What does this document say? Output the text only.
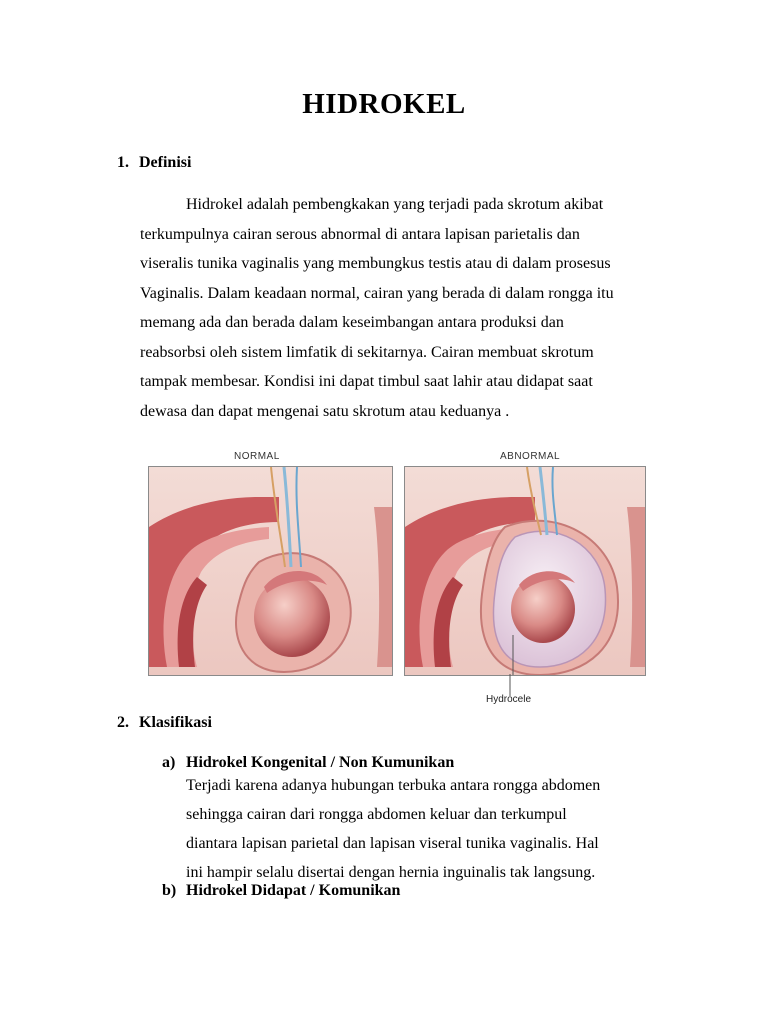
HIDROKEL
1. Definisi
Hidrokel adalah pembengkakan yang terjadi pada skrotum akibat
terkumpulnya cairan serous abnormal di antara lapisan parietalis dan
viseralis tunika vaginalis yang membungkus testis atau di dalam prosesus
Vaginalis. Dalam keadaan normal, cairan yang berada di dalam rongga itu
memang ada dan berada dalam keseimbangan antara produksi dan
reabsorbsi oleh sistem limfatik di sekitarnya. Cairan membuat skrotum
tampak membesar. Kondisi ini dapat timbul saat lahir atau didapat saat
dewasa dan dapat mengenai satu skrotum atau keduanya .
NORMAL	ABNORMAL
Hydrocele
2. Klasifikasi
a) Hidrokel Kongenital / Non Kumunikan
Terjadi karena adanya hubungan terbuka antara rongga abdomen
sehingga cairan dari rongga abdomen keluar dan terkumpul
diantara lapisan parietal dan lapisan viseral tunika vaginalis. Hal
ini hampir selalu disertai dengan hernia inguinalis tak langsung.
b) Hidrokel Didapat / Komunikan
